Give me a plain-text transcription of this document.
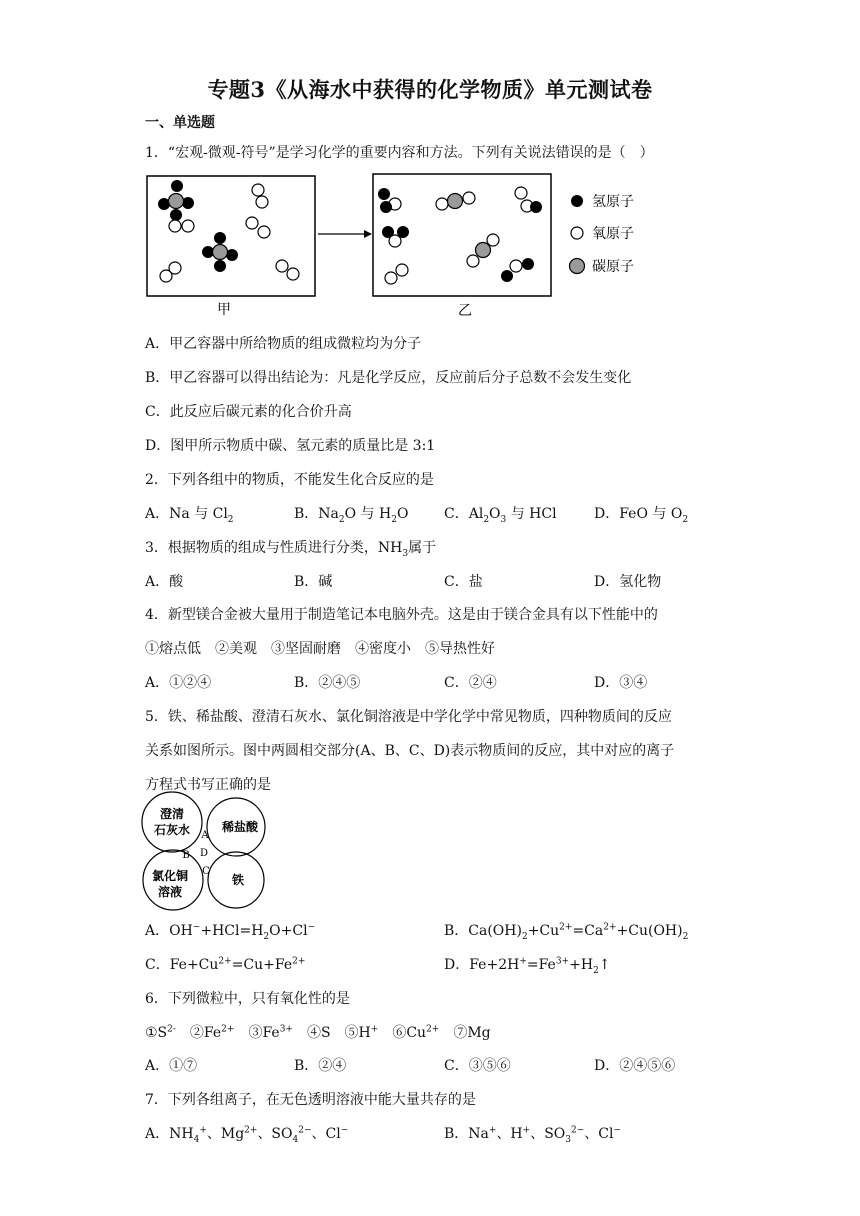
专题3《从海水中获得的化学物质》单元测试卷
一、单选题
1．“宏观-微观-符号”是学习化学的重要内容和方法。下列有关说法错误的是（　）
甲
氢原子
氧原子
碳原子
乙
A．甲乙容器中所给物质的组成微粒均为分子
B．甲乙容器可以得出结论为：凡是化学反应，反应前后分子总数不会发生变化
C．此反应后碳元素的化合价升高
D．图甲所示物质中碳、氢元素的质量比是 3:1
2．下列各组中的物质，不能发生化合反应的是
A．Na 与 $Cl_2$	B．$Na_2O$ 与 $H_2O$	C．$Al_2O_3$ 与 HCl	D．FeO 与 $O_2$
3．根据物质的组成与性质进行分类，$NH_3$属于
A．酸	B．碱	C．盐	D．氢化物
4．新型镁合金被大量用于制造笔记本电脑外壳。这是由于镁合金具有以下性能中的
①熔点低　②美观　③坚固耐磨　④密度小　⑤导热性好
A．①②④	B．②④⑤	C．②④	D．③④
5．铁、稀盐酸、澄清石灰水、氯化铜溶液是中学化学中常见物质，四种物质间的反应
关系如图所示。图中两圆相交部分(A、B、C、D)表示物质间的反应，其中对应的离子
方程式书写正确的是
澄清
石灰水	稀盐酸
氯化铜
溶液
铁
A
B
C
D
A．$OH^-+HCl=H_2O+Cl^-$	B．$Ca(OH)_2+Cu^{2+}=Ca^{2+}+Cu(OH)_2$
C．$Fe+Cu^{2+}=Cu+Fe^{2+}$	D．$Fe+2H^+=Fe^{3+}+H_2↑$
6．下列微粒中，只有氧化性的是
$①S^{2-}$　$②Fe^{2+}$　$③Fe^{3+}$　④S　⑤H+　$⑥Cu^{2+}$　⑦Mg
A．①⑦	B．②④	C．③⑤⑥	D．②④⑤⑥
7．下列各组离子，在无色透明溶液中能大量共存的是
A．$NH_4^+$、$Mg^{2+}$、$SO_4^{2-}$、Cl−	B．Na+、H+、$SO_3^{2-}$、Cl−
